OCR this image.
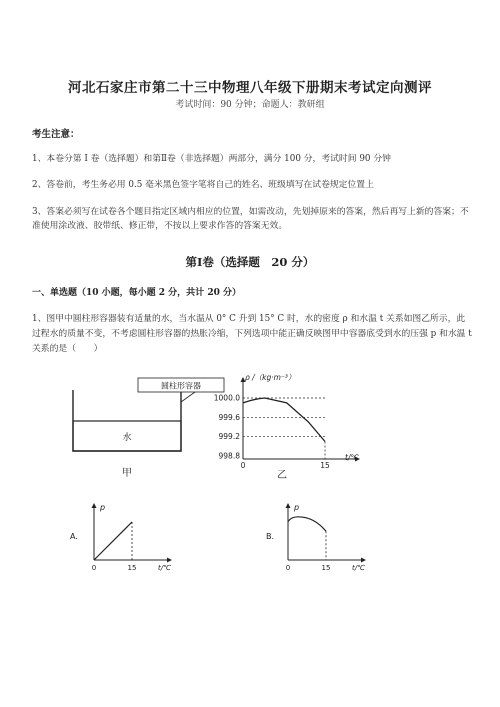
河北石家庄市第二十三中物理八年级下册期末考试定向测评
考试时间：90 分钟；命题人：教研组
考生注意：
1、本卷分第 I 卷（选择题）和第Ⅱ卷（非选择题）两部分，满分 100 分，考试时间 90 分钟
2、答卷前，考生务必用 0.5 毫米黑色签字笔将自己的姓名、班级填写在试卷规定位置上
3、答案必须写在试卷各个题目指定区域内相应的位置，如需改动，先划掉原来的答案，然后再写上新的答案；不准使用涂改液、胶带纸、修正带，不按以上要求作答的答案无效。
第Ⅰ卷（选择题　20 分）
一、单选题（10 小题，每小题 2 分，共计 20 分）
1、图甲中圆柱形容器装有适量的水，当水温从 0° C 升到 15° C 时，水的密度 ρ 和水温 t 关系如图乙所示，此过程水的质量不变，不考虑圆柱形容器的热胀冷缩，下列选项中能正确反映图甲中容器底受到水的压强 p 和水温 t 关系的是（　　）
圆柱形容器
水
甲
1000.0
999.6
999.2
998.8
0	15
ρ /（kg·m⁻³）
t/℃
乙
A.
p
t/℃
0	15
B.
p
t/℃
0	15
